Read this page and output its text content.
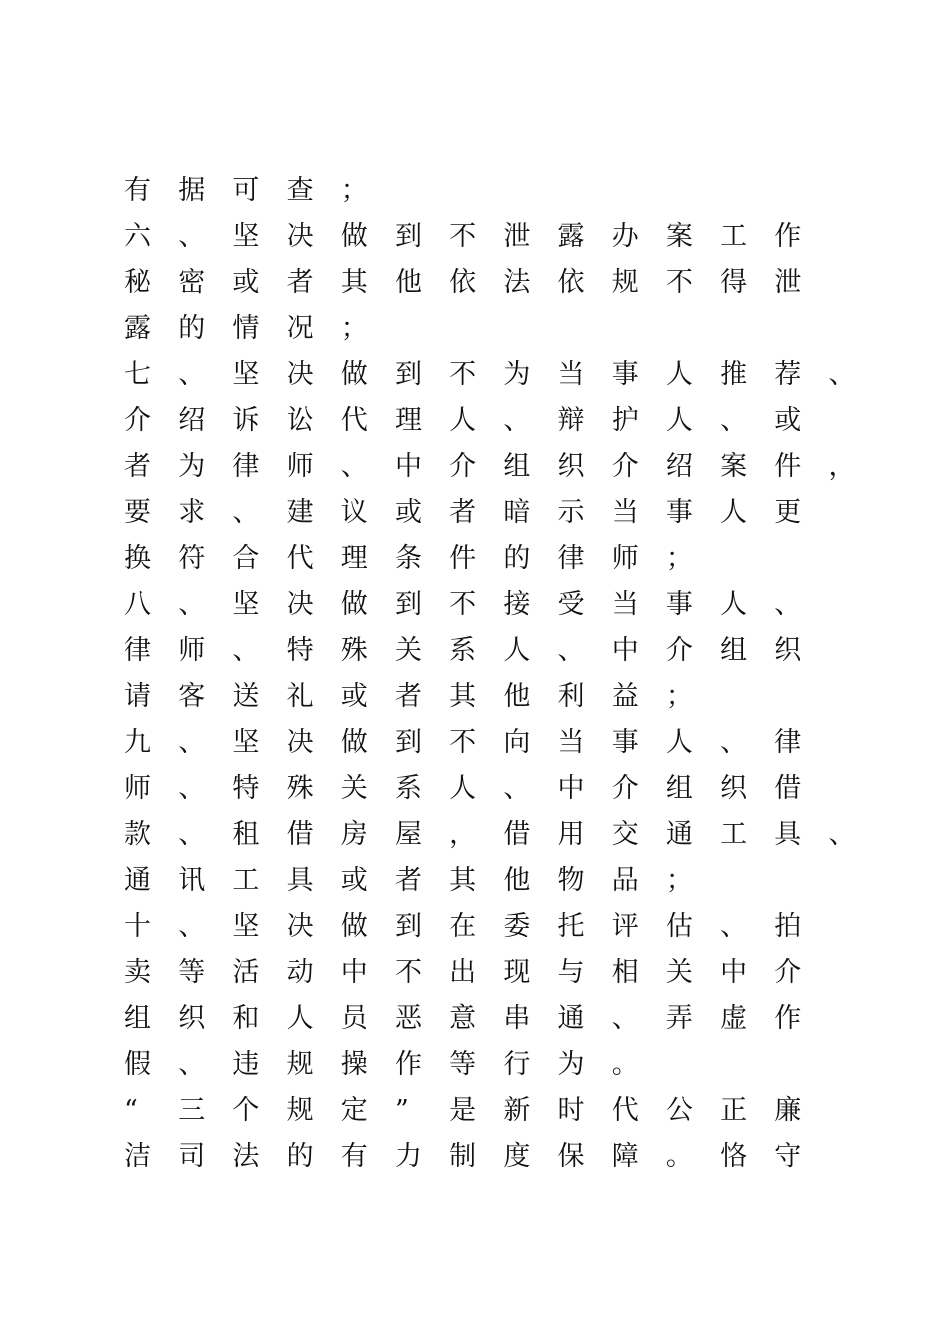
有	据	可	查	；
六	、	坚	决	做	到	不	泄	露	办	案	工	作
秘	密	或	者	其	他	依	法	依	规	不	得	泄
露	的	情	况	；
七	、	坚	决	做	到	不	为	当	事	人	推	荐	、
介	绍	诉	讼	代	理	人	、	辩	护	人	、	或
者	为	律	师	、	中	介	组	织	介	绍	案	件	，
要	求	、	建	议	或	者	暗	示	当	事	人	更
换	符	合	代	理	条	件	的	律	师	；
八	、	坚	决	做	到	不	接	受	当	事	人	、
律	师	、	特	殊	关	系	人	、	中	介	组	织
请	客	送	礼	或	者	其	他	利	益	；
九	、	坚	决	做	到	不	向	当	事	人	、	律
师	、	特	殊	关	系	人	、	中	介	组	织	借
款	、	租	借	房	屋	，	借	用	交	通	工	具	、
通	讯	工	具	或	者	其	他	物	品	；
十	、	坚	决	做	到	在	委	托	评	估	、	拍
卖	等	活	动	中	不	出	现	与	相	关	中	介
组	织	和	人	员	恶	意	串	通	、	弄	虚	作
假	、	违	规	操	作	等	行	为	。
“	三	个	规	定	”	是	新	时	代	公	正	廉
洁	司	法	的	有	力	制	度	保	障	。	恪	守
